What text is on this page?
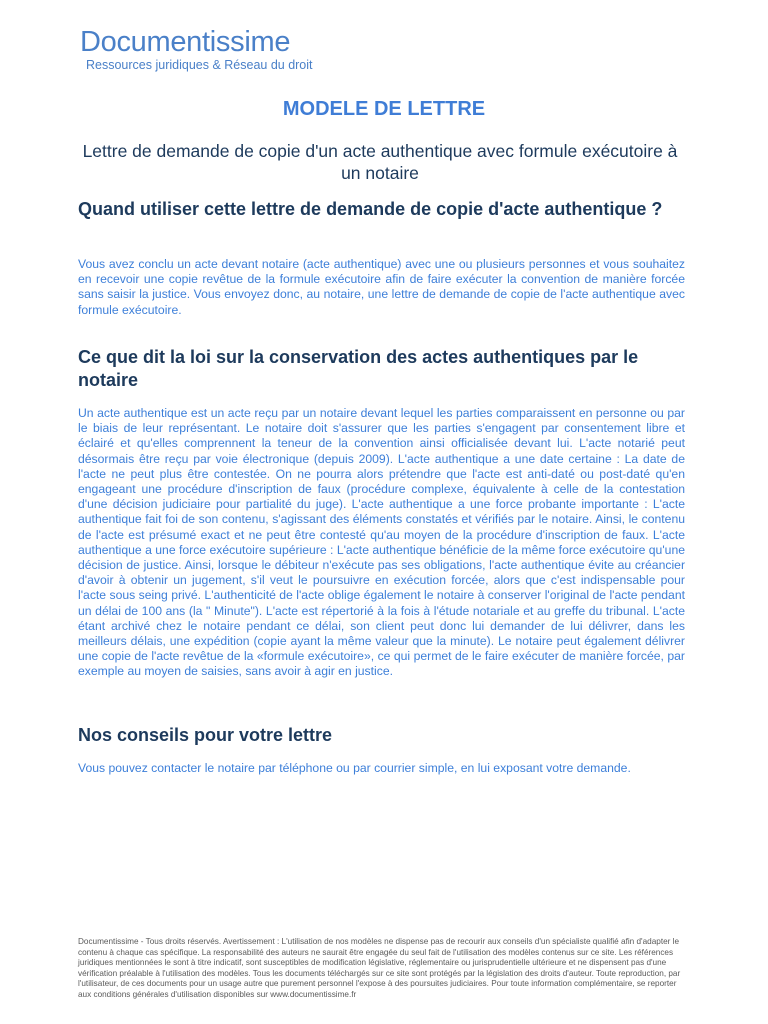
Documentissime
Ressources juridiques & Réseau du droit
MODELE DE LETTRE
Lettre de demande de copie d'un acte authentique avec formule exécutoire à un notaire
Quand utiliser cette lettre de demande de copie d'acte authentique ?
Vous avez conclu un acte devant notaire (acte authentique) avec une ou plusieurs personnes et vous souhaitez en recevoir une copie revêtue de la formule exécutoire afin de faire exécuter la convention de manière forcée sans saisir la justice. Vous envoyez donc, au notaire, une lettre de demande de copie de l'acte authentique avec formule exécutoire.
Ce que dit la loi sur la conservation des actes authentiques par le notaire
Un acte authentique est un acte reçu par un notaire devant lequel les parties comparaissent en personne ou par le biais de leur représentant. Le notaire doit s'assurer que les parties s'engagent par consentement libre et éclairé et qu'elles comprennent la teneur de la convention ainsi officialisée devant lui. L'acte notarié peut désormais être reçu par voie électronique (depuis 2009). L'acte authentique a une date certaine : La date de l'acte ne peut plus être contestée. On ne pourra alors prétendre que l'acte est anti-daté ou post-daté qu'en engageant une procédure d'inscription de faux (procédure complexe, équivalente à celle de la contestation d'une décision judiciaire pour partialité du juge). L'acte authentique a une force probante importante : L'acte authentique fait foi de son contenu, s'agissant des éléments constatés et vérifiés par le notaire. Ainsi, le contenu de l'acte est présumé exact et ne peut être contesté qu'au moyen de la procédure d'inscription de faux. L'acte authentique a une force exécutoire supérieure : L'acte authentique bénéficie de la même force exécutoire qu'une décision de justice. Ainsi, lorsque le débiteur n'exécute pas ses obligations, l'acte authentique évite au créancier d'avoir à obtenir un jugement, s'il veut le poursuivre en exécution forcée, alors que c'est indispensable pour l'acte sous seing privé. L'authenticité de l'acte oblige également le notaire à conserver l'original de l'acte pendant un délai de 100 ans (la " Minute"). L'acte est répertorié à la fois à l'étude notariale et au greffe du tribunal. L'acte étant archivé chez le notaire pendant ce délai, son client peut donc lui demander de lui délivrer, dans les meilleurs délais, une expédition (copie ayant la même valeur que la minute). Le notaire peut également délivrer une copie de l'acte revêtue de la «formule exécutoire», ce qui permet de le faire exécuter de manière forcée, par exemple au moyen de saisies, sans avoir à agir en justice.
Nos conseils pour votre lettre
Vous pouvez contacter le notaire par téléphone ou par courrier simple, en lui exposant votre demande.
Documentissime - Tous droits réservés. Avertissement : L'utilisation de nos modèles ne dispense pas de recourir aux conseils d'un spécialiste qualifié afin d'adapter le contenu à chaque cas spécifique. La responsabilité des auteurs ne saurait être engagée du seul fait de l'utilisation des modèles contenus sur ce site. Les références juridiques mentionnées le sont à titre indicatif, sont susceptibles de modification législative, réglementaire ou jurisprudentielle ultérieure et ne dispensent pas d'une vérification préalable à l'utilisation des modèles. Tous les documents téléchargés sur ce site sont protégés par la législation des droits d'auteur. Toute reproduction, par l'utilisateur, de ces documents pour un usage autre que purement personnel l'expose à des poursuites judiciaires. Pour toute information complémentaire, se reporter aux conditions générales d'utilisation disponibles sur www.documentissime.fr
